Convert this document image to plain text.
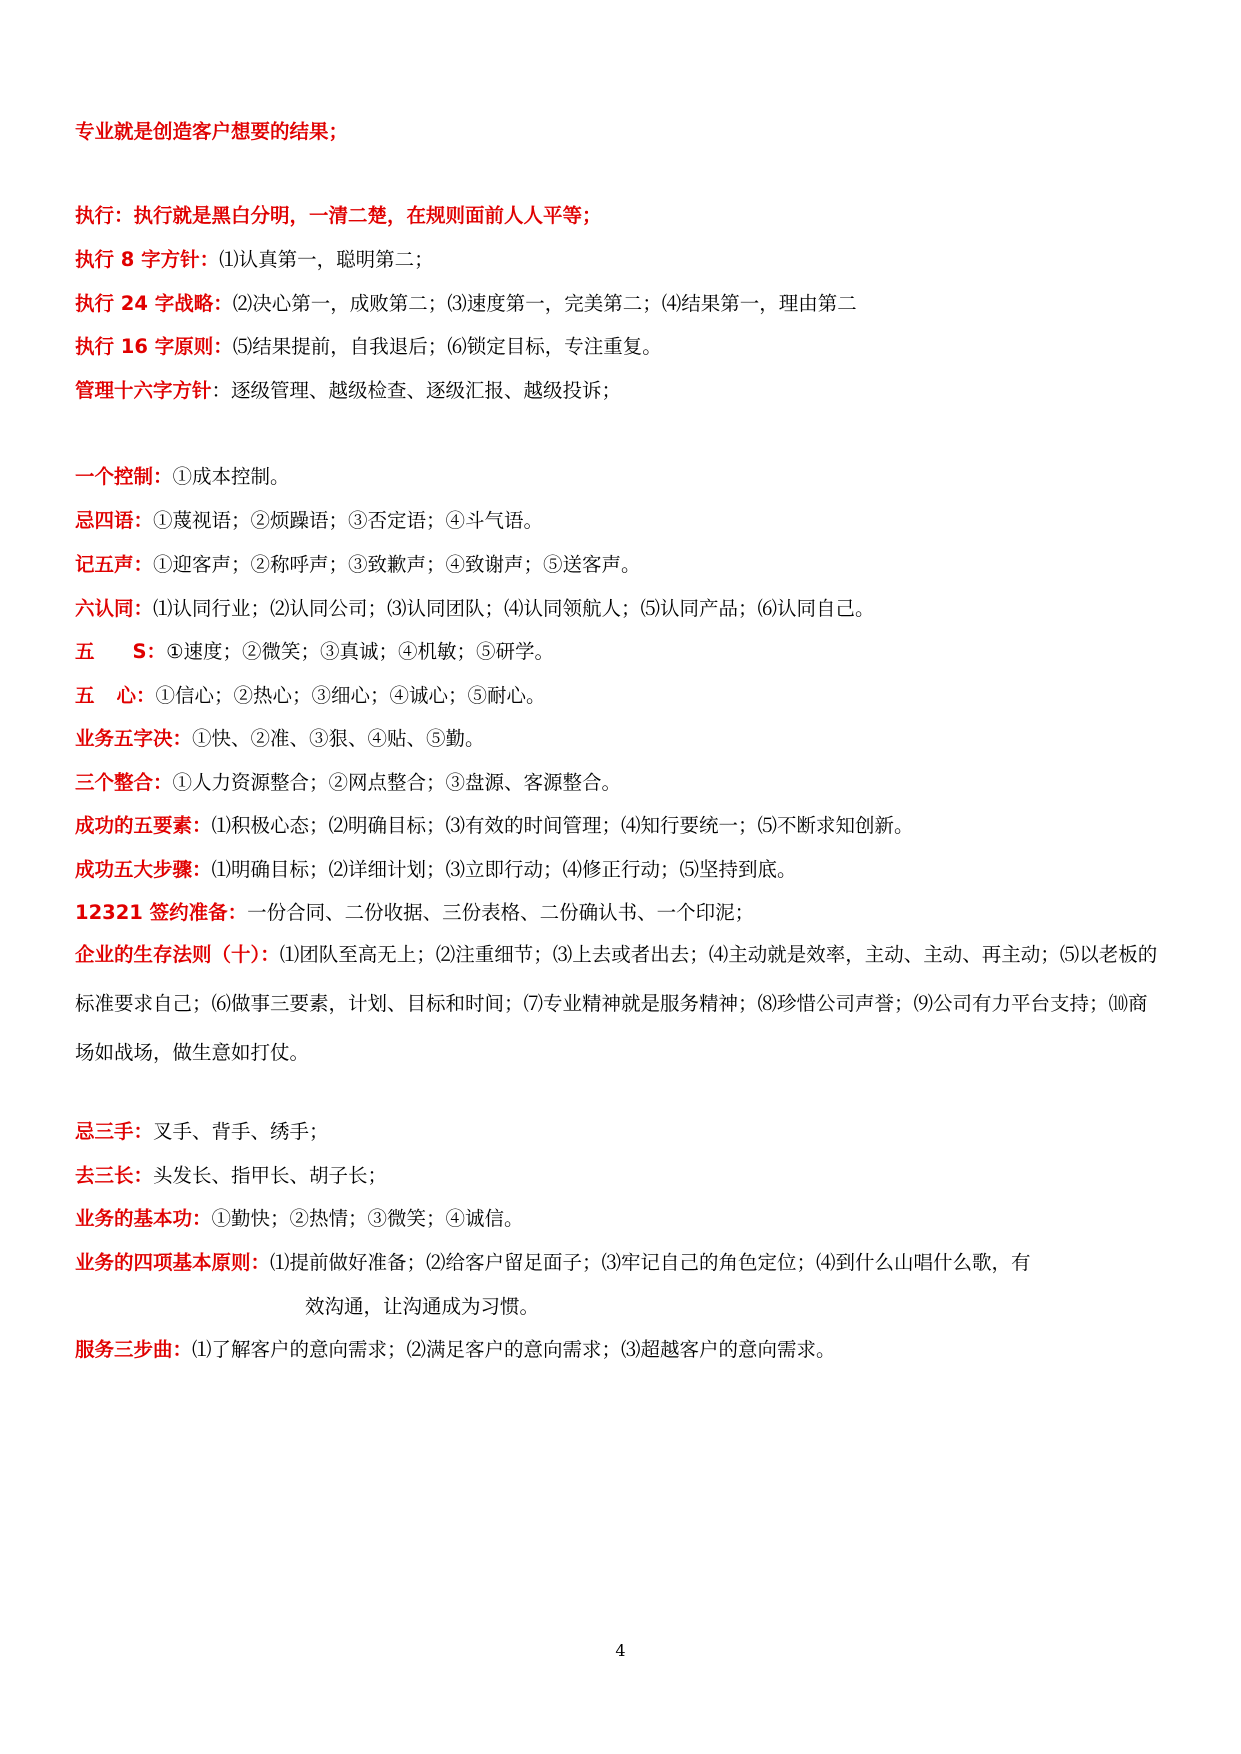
专业就是创造客户想要的结果；
执行：执行就是黑白分明，一清二楚，在规则面前人人平等；
执行 8 字方针：⑴认真第一，聪明第二；
执行 24 字战略：⑵决心第一，成败第二；⑶速度第一，完美第二；⑷结果第一，理由第二
执行 16 字原则：⑸结果提前，自我退后；⑹锁定目标，专注重复。
管理十六字方针：逐级管理、越级检查、逐级汇报、越级投诉；
一个控制：①成本控制。
忌四语：①蔑视语；②烦躁语；③否定语；④斗气语。
记五声：①迎客声；②称呼声；③致歉声；④致谢声；⑤送客声。
六认同：⑴认同行业；⑵认同公司；⑶认同团队；⑷认同领航人；⑸认同产品；⑹认同自己。
五 S：①速度；②微笑；③真诚；④机敏；⑤研学。
五 心：①信心；②热心；③细心；④诚心；⑤耐心。
业务五字决：①快、②准、③狠、④贴、⑤勤。
三个整合：①人力资源整合；②网点整合；③盘源、客源整合。
成功的五要素：⑴积极心态；⑵明确目标；⑶有效的时间管理；⑷知行要统一；⑸不断求知创新。
成功五大步骤：⑴明确目标；⑵详细计划；⑶立即行动；⑷修正行动；⑸坚持到底。
12321 签约准备：一份合同、二份收据、三份表格、二份确认书、一个印泥；
企业的生存法则（十）：⑴团队至高无上；⑵注重细节；⑶上去或者出去；⑷主动就是效率，主动、主动、再主动；⑸以老板的标准要求自己；⑹做事三要素，计划、目标和时间；⑺专业精神就是服务精神；⑻珍惜公司声誉；⑼公司有力平台支持；⑽商场如战场，做生意如打仗。
忌三手：叉手、背手、绣手；
去三长：头发长、指甲长、胡子长；
业务的基本功：①勤快；②热情；③微笑；④诚信。
业务的四项基本原则：⑴提前做好准备；⑵给客户留足面子；⑶牢记自己的角色定位；⑷到什么山唱什么歌，有
效沟通，让沟通成为习惯。
服务三步曲：⑴了解客户的意向需求；⑵满足客户的意向需求；⑶超越客户的意向需求。
4
